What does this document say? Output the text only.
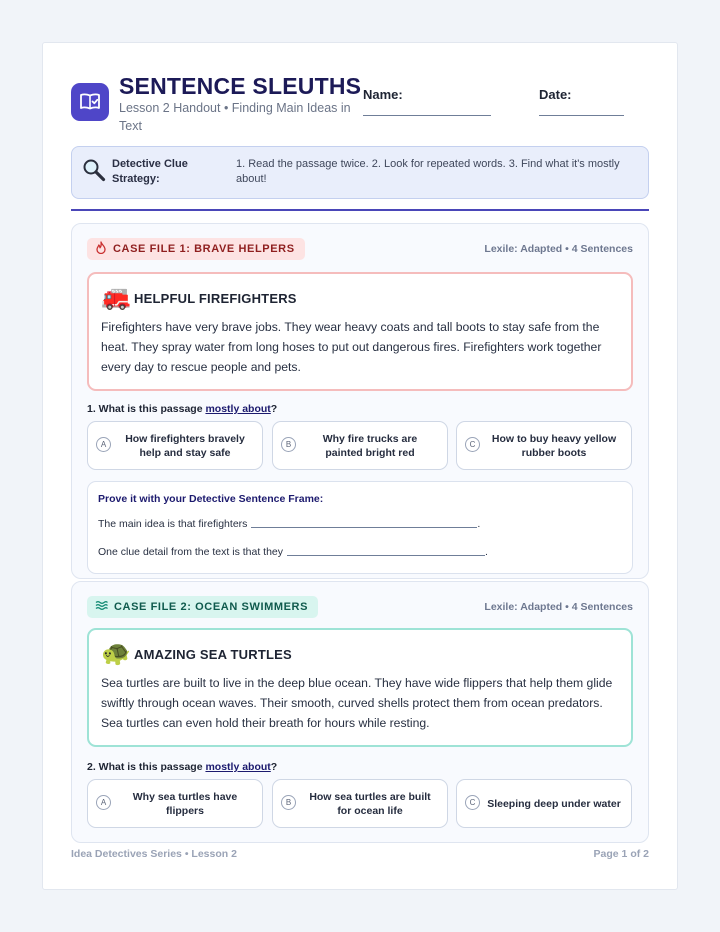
SENTENCE SLEUTHS
Lesson 2 Handout • Finding Main Ideas in Text
Name:	Date:
Detective Clue Strategy:
1. Read the passage twice. 2. Look for repeated words. 3. Find what it's mostly about!
CASE FILE 1: BRAVE HELPERS	Lexile: Adapted • 4 Sentences
🚒 HELPFUL FIREFIGHTERS
Firefighters have very brave jobs. They wear heavy coats and tall boots to stay safe from the heat. They spray water from long hoses to put out dangerous fires. Firefighters work together every day to rescue people and pets.
1. What is this passage mostly about?
A	How firefighters bravely help and stay safe
B	Why fire trucks are painted bright red
C	How to buy heavy yellow rubber boots
Prove it with your Detective Sentence Frame:
The main idea is that firefighters	.
One clue detail from the text is that they	.
CASE FILE 2: OCEAN SWIMMERS	Lexile: Adapted • 4 Sentences
🐢 AMAZING SEA TURTLES
Sea turtles are built to live in the deep blue ocean. They have wide flippers that help them glide swiftly through ocean waves. Their smooth, curved shells protect them from ocean predators. Sea turtles can even hold their breath for hours while resting.
2. What is this passage mostly about?
A	Why sea turtles have flippers
B	How sea turtles are built for ocean life
C	Sleeping deep under water
Idea Detectives Series • Lesson 2	Page 1 of 2
